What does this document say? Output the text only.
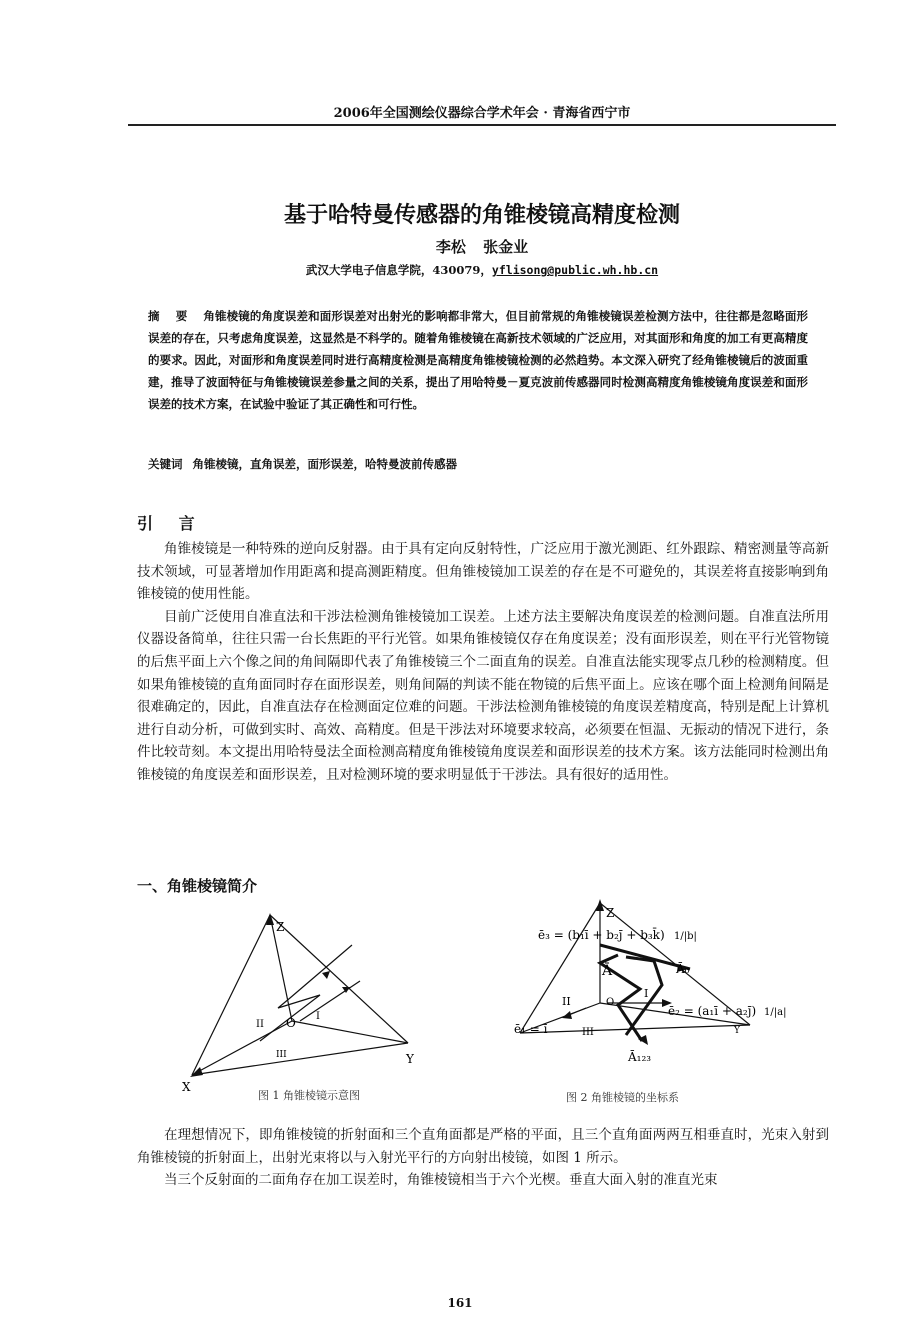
2006年全国测绘仪器综合学术年会 · 青海省西宁市
基于哈特曼传感器的角锥棱镜高精度检测
李松 张金业
武汉大学电子信息学院，430079，yflisong@public.wh.hb.cn
摘 要 角锥棱镜的角度误差和面形误差对出射光的影响都非常大，但目前常规的角锥棱镜误差检测方法中，往往都是忽略面形误差的存在，只考虑角度误差，这显然是不科学的。随着角锥棱镜在高新技术领域的广泛应用，对其面形和角度的加工有更高精度的要求。因此，对面形和角度误差同时进行高精度检测是高精度角锥棱镜检测的必然趋势。本文深入研究了经角锥棱镜后的波面重建，推导了波面特征与角锥棱镜误差参量之间的关系，提出了用哈特曼－夏克波前传感器同时检测高精度角锥棱镜角度误差和面形误差的技术方案，在试验中验证了其正确性和可行性。
关键词 角锥棱镜，直角误差，面形误差，哈特曼波前传感器
引 言

角锥棱镜是一种特殊的逆向反射器。由于具有定向反射特性，广泛应用于激光测距、红外跟踪、精密测量等高新技术领域，可显著增加作用距离和提高测距精度。但角锥棱镜加工误差的存在是不可避免的，其误差将直接影响到角锥棱镜的使用性能。

目前广泛使用自准直法和干涉法检测角锥棱镜加工误差。上述方法主要解决角度误差的检测问题。自准直法所用仪器设备简单，往往只需一台长焦距的平行光管。如果角锥棱镜仅存在角度误差；没有面形误差，则在平行光管物镜的后焦平面上六个像之间的角间隔即代表了角锥棱镜三个二面直角的误差。自准直法能实现零点几秒的检测精度。但如果角锥棱镜的直角面同时存在面形误差，则角间隔的判读不能在物镜的后焦平面上。应该在哪个面上检测角间隔是很难确定的，因此，自准直法存在检测面定位难的问题。干涉法检测角锥棱镜的角度误差精度高，特别是配上计算机进行自动分析，可做到实时、高效、高精度。但是干涉法对环境要求较高，必须要在恒温、无振动的情况下进行，条件比较苛刻。本文提出用哈特曼法全面检测高精度角锥棱镜角度误差和面形误差的技术方案。该方法能同时检测出角锥棱镜的角度误差和面形误差，且对检测环境的要求明显低于干涉法。具有很好的适用性。

一、角锥棱镜简介
Z
X
Y
O I
II
III
Z
Y
O
I
II
III
ē₃ = (b₁ī + b₂j̄ + b₃k̄) 1/|b|
ē₂ = (a₁ī + a₂j̄) 1/|a|
ē₁ = ī
Ā	Ā₀
Ā₁₂₃
图 1 角锥棱镜示意图	图 2 角锥棱镜的坐标系

在理想情况下，即角锥棱镜的折射面和三个直角面都是严格的平面，且三个直角面两两互相垂直时，光束入射到角锥棱镜的折射面上，出射光束将以与入射光平行的方向射出棱镜，如图 1 所示。

当三个反射面的二面角存在加工误差时，角锥棱镜相当于六个光楔。垂直大面入射的准直光束

161
